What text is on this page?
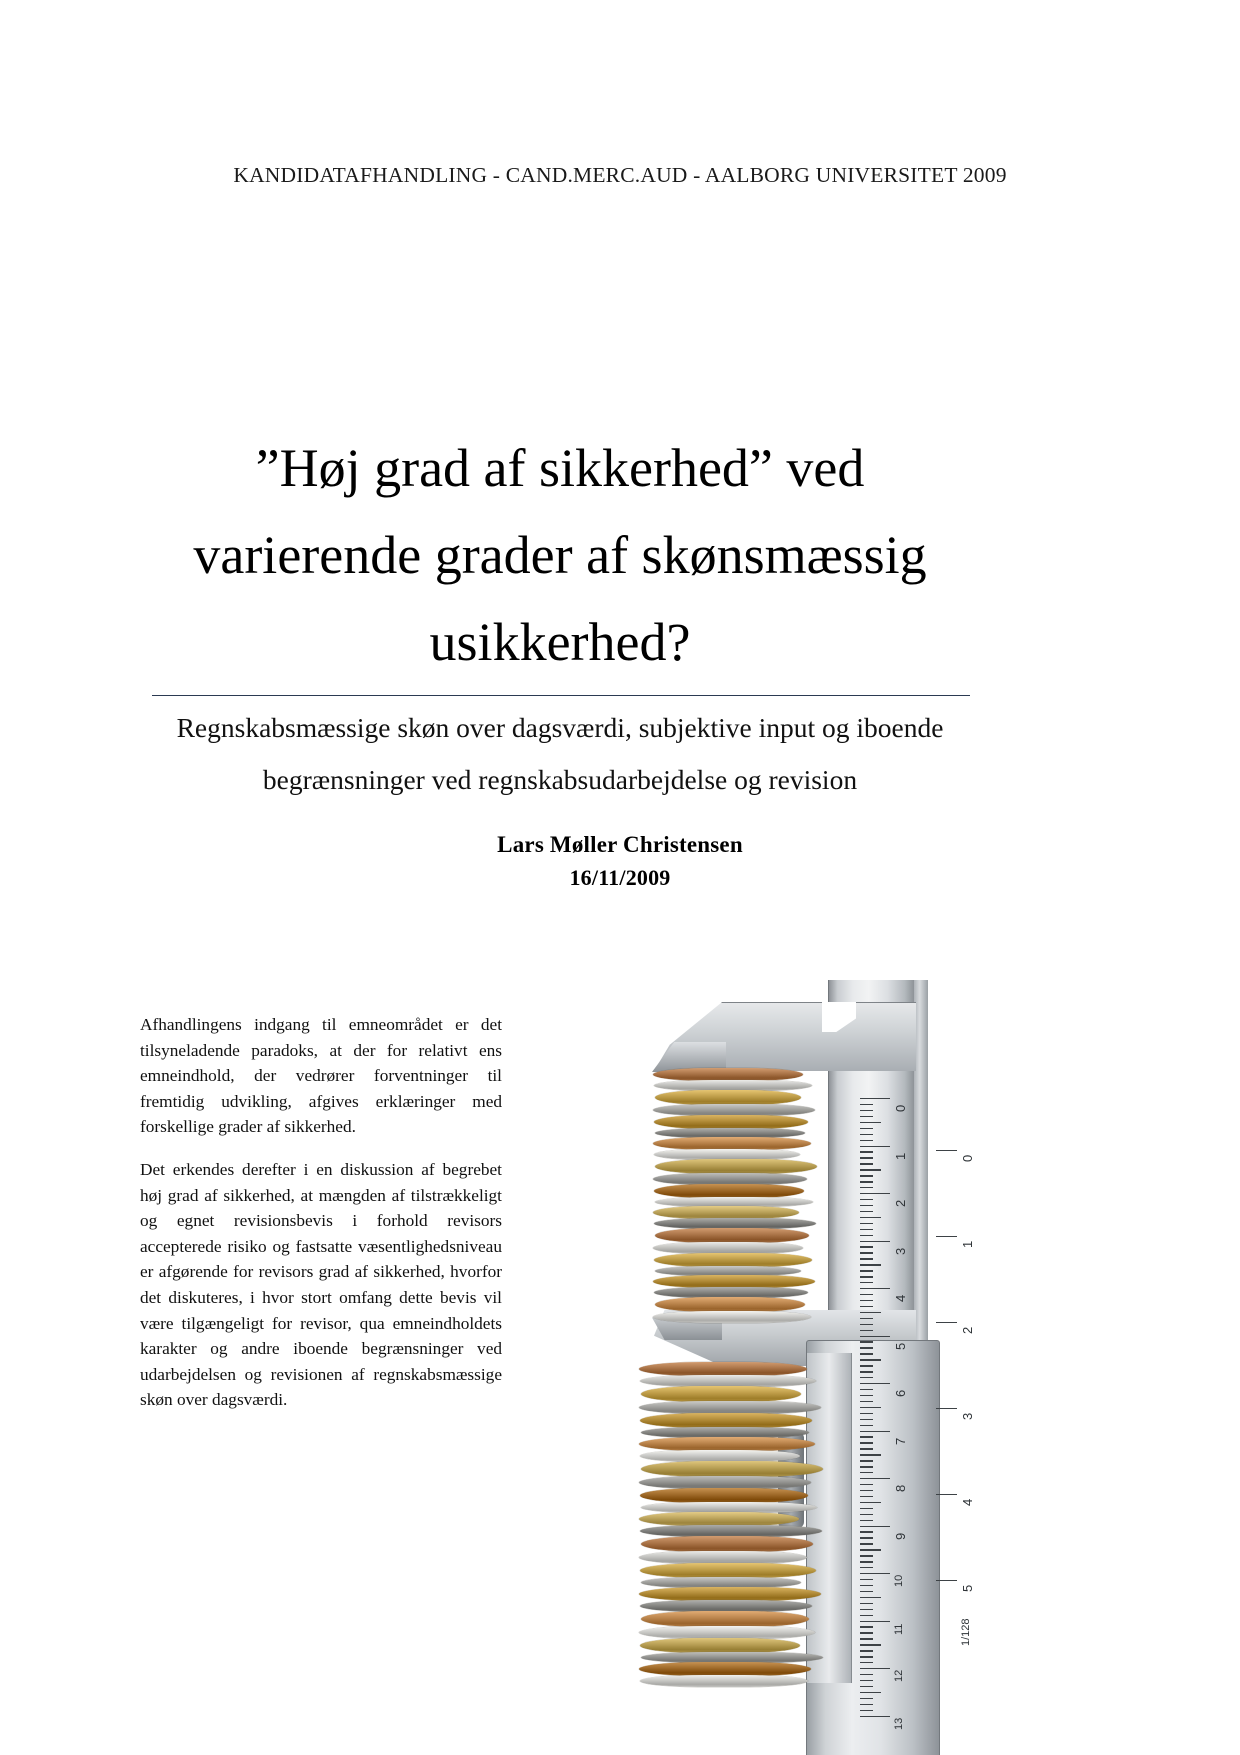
KANDIDATAFHANDLING - CAND.MERC.AUD - AALBORG UNIVERSITET 2009
”Høj grad af sikkerhed” ved
varierende grader af skønsmæssig
usikkerhed?
Regnskabsmæssige skøn over dagsværdi, subjektive input og iboende
begrænsninger ved regnskabsudarbejdelse og revision
Lars Møller Christensen
16/11/2009

Afhandlingens indgang til emneområdet er det tilsyneladende paradoks, at der for relativt ens emneindhold, der vedrører forventninger til fremtidig udvikling, afgives erklæringer med forskellige grader af sikkerhed.

Det erkendes derefter i en diskussion af begrebet høj grad af sikkerhed, at mængden af tilstrækkeligt og egnet revisionsbevis i forhold revisors accepterede risiko og fastsatte væsentlighedsniveau er afgørende for revisors grad af sikkerhed, hvorfor det diskuteres, i hvor stort omfang dette bevis vil være tilgængeligt for revisor, qua emneindholdets karakter og andre iboende begrænsninger ved udarbejdelsen og revisionen af regnskabsmæssige skøn over dagsværdi.

0
1
2
3
4
5
6
7
8
9
10
11
12
13
0
1
2
3
4
5
1/128
